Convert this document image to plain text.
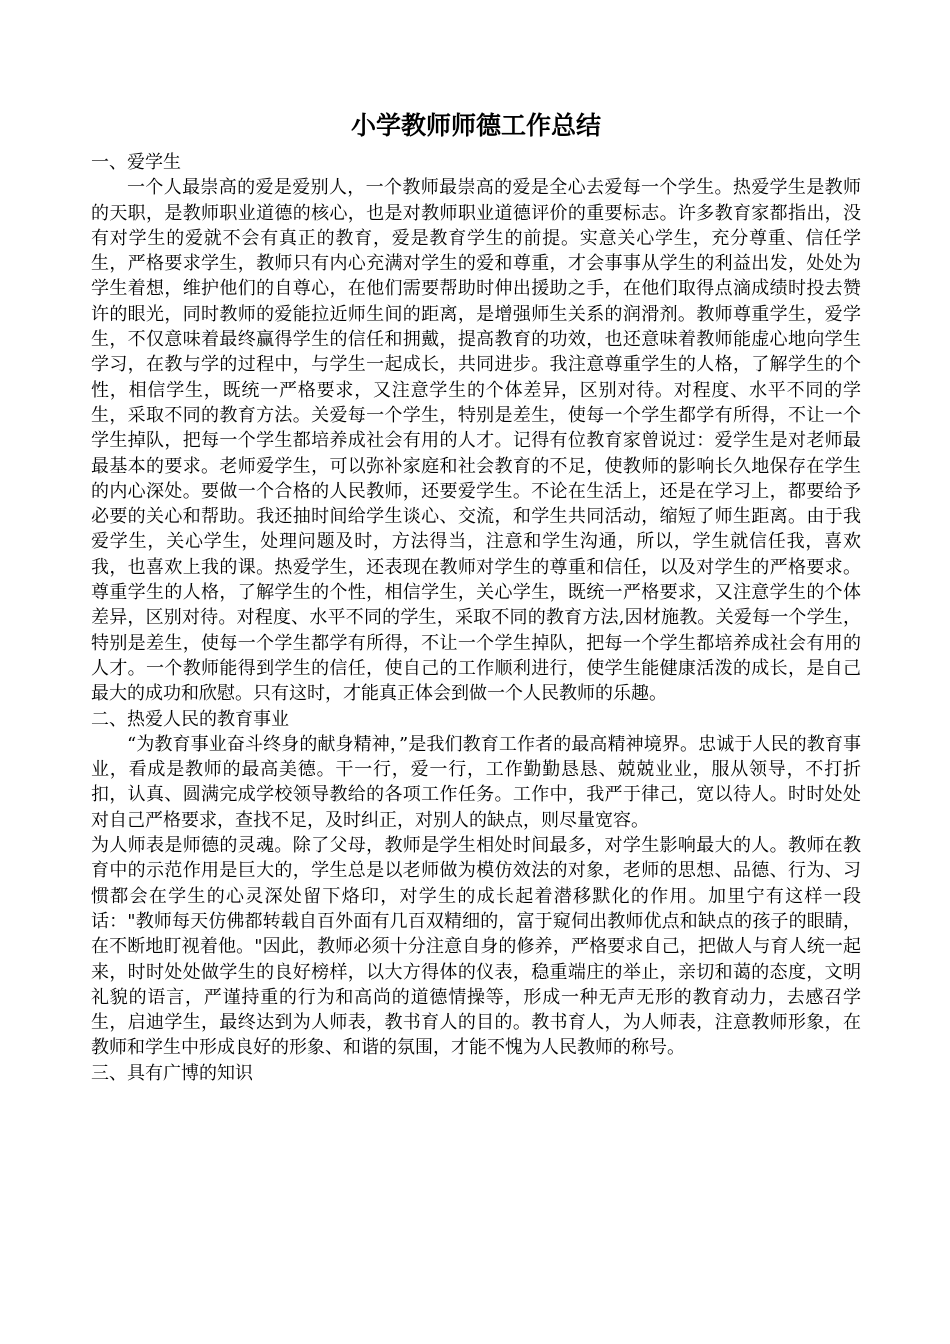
小学教师师德工作总结
一、爱学生

一个人最崇高的爱是爱别人，一个教师最崇高的爱是全心去爱每一个学生。热爱学生是教师的天职，是教师职业道德的核心，也是对教师职业道德评价的重要标志。许多教育家都指出，没有对学生的爱就不会有真正的教育，爱是教育学生的前提。实意关心学生，充分尊重、信任学生，严格要求学生，教师只有内心充满对学生的爱和尊重，才会事事从学生的利益出发，处处为学生着想，维护他们的自尊心，在他们需要帮助时伸出援助之手，在他们取得点滴成绩时投去赞许的眼光，同时教师的爱能拉近师生间的距离，是增强师生关系的润滑剂。教师尊重学生，爱学生，不仅意味着最终赢得学生的信任和拥戴，提高教育的功效，也还意味着教师能虚心地向学生学习，在教与学的过程中，与学生一起成长，共同进步。我注意尊重学生的人格，了解学生的个性，相信学生，既统一严格要求，又注意学生的个体差异，区别对待。对程度、水平不同的学生，采取不同的教育方法。关爱每一个学生，特别是差生，使每一个学生都学有所得，不让一个学生掉队，把每一个学生都培养成社会有用的人才。记得有位教育家曾说过：爱学生是对老师最最基本的要求。老师爱学生，可以弥补家庭和社会教育的不足，使教师的影响长久地保存在学生的内心深处。要做一个合格的人民教师，还要爱学生。不论在生活上，还是在学习上，都要给予必要的关心和帮助。我还抽时间给学生谈心、交流，和学生共同活动，缩短了师生距离。由于我爱学生，关心学生，处理问题及时，方法得当，注意和学生沟通，所以，学生就信任我，喜欢我，也喜欢上我的课。热爱学生，还表现在教师对学生的尊重和信任，以及对学生的严格要求。尊重学生的人格，了解学生的个性，相信学生，关心学生，既统一严格要求，又注意学生的个体差异，区别对待。对程度、水平不同的学生，采取不同的教育方法,因材施教。关爱每一个学生，特别是差生，使每一个学生都学有所得，不让一个学生掉队，把每一个学生都培养成社会有用的人才。一个教师能得到学生的信任，使自己的工作顺利进行，使学生能健康活泼的成长，是自己最大的成功和欣慰。只有这时，才能真正体会到做一个人民教师的乐趣。

二、热爱人民的教育事业

“为教育事业奋斗终身的献身精神，”是我们教育工作者的最高精神境界。忠诚于人民的教育事业，看成是教师的最高美德。干一行，爱一行，工作勤勤恳恳、兢兢业业，服从领导，不打折扣，认真、圆满完成学校领导教给的各项工作任务。工作中，我严于律己，宽以待人。时时处处对自己严格要求，查找不足，及时纠正，对别人的缺点，则尽量宽容。

为人师表是师德的灵魂。除了父母，教师是学生相处时间最多，对学生影响最大的人。教师在教育中的示范作用是巨大的，学生总是以老师做为模仿效法的对象，老师的思想、品德、行为、习惯都会在学生的心灵深处留下烙印，对学生的成长起着潜移默化的作用。加里宁有这样一段话："教师每天仿佛都转载自百外面有几百双精细的，富于窥伺出教师优点和缺点的孩子的眼睛，在不断地盯视着他。"因此，教师必须十分注意自身的修养，严格要求自己，把做人与育人统一起来，时时处处做学生的良好榜样，以大方得体的仪表，稳重端庄的举止，亲切和蔼的态度，文明礼貌的语言，严谨持重的行为和高尚的道德情操等，形成一种无声无形的教育动力，去感召学生，启迪学生，最终达到为人师表，教书育人的目的。教书育人，为人师表，注意教师形象，在教师和学生中形成良好的形象、和谐的氛围，才能不愧为人民教师的称号。

三、具有广博的知识
